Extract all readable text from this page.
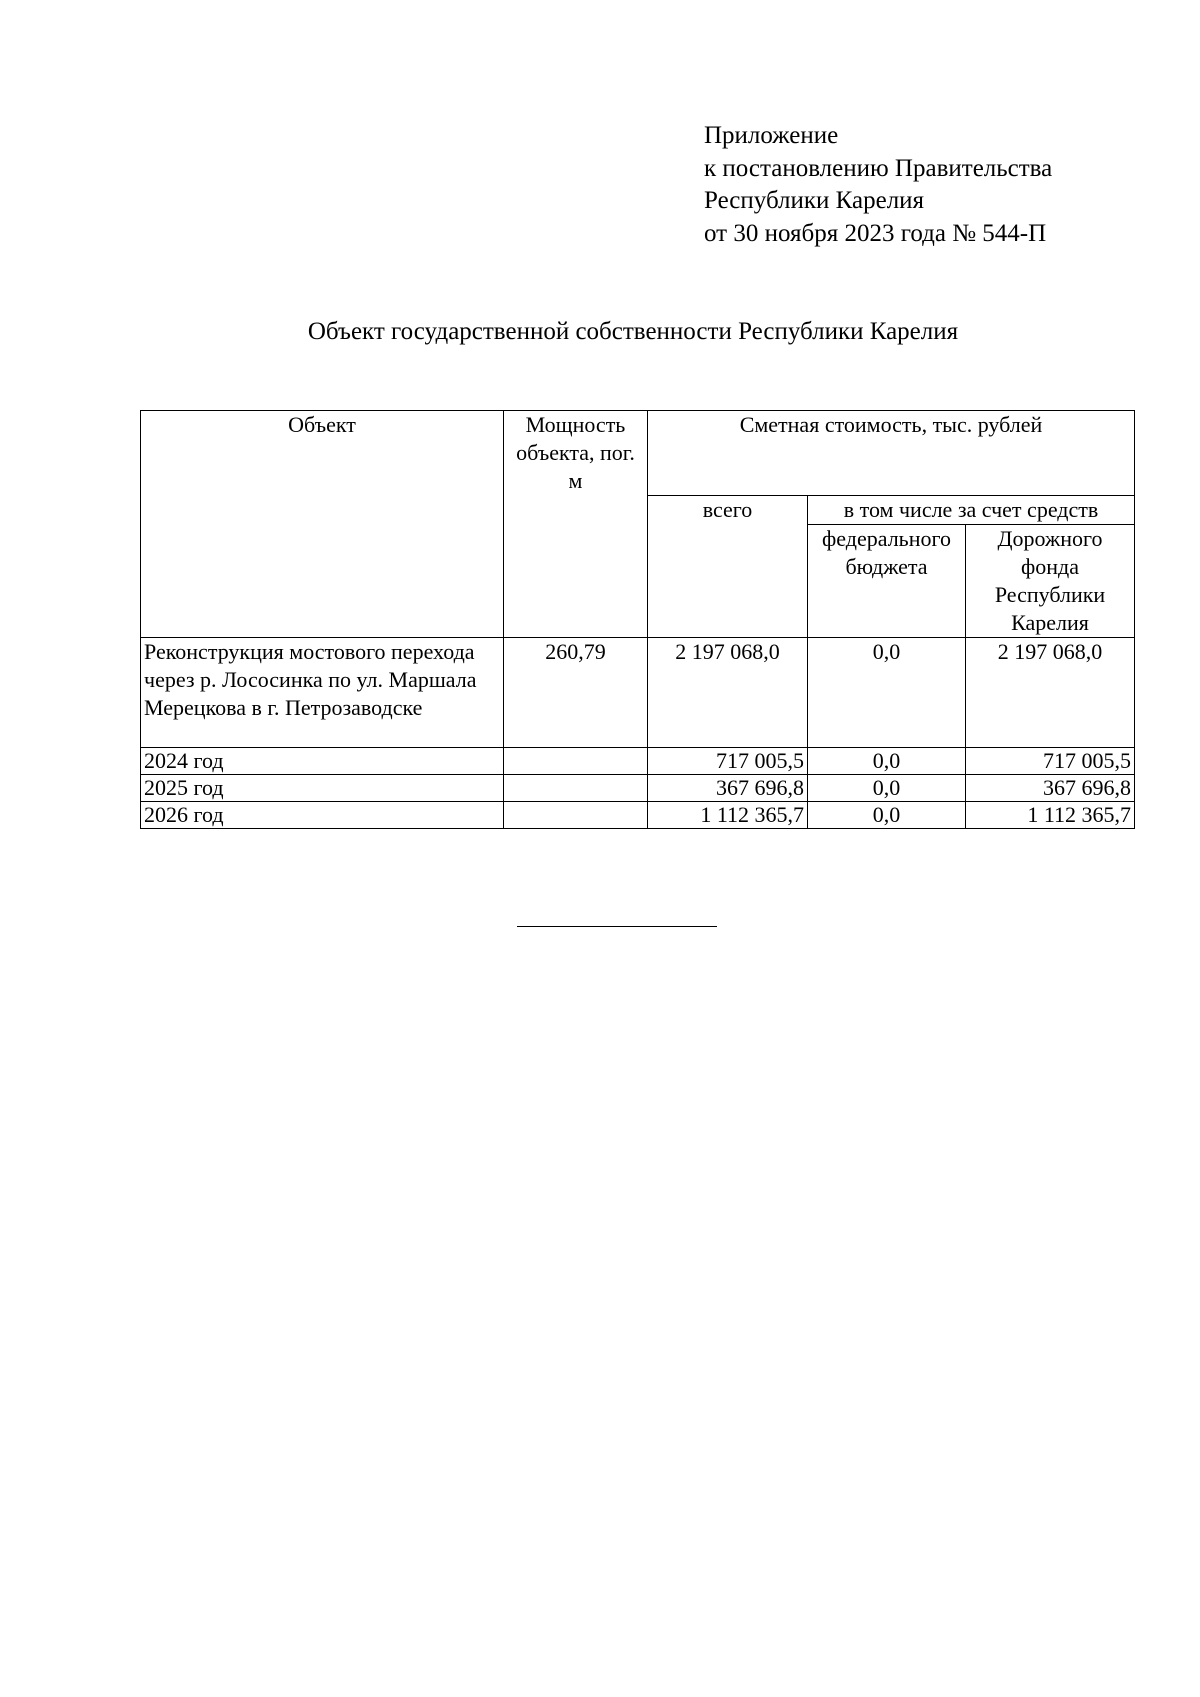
Приложение
к постановлению Правительства
Республики Карелия
от 30 ноября 2023 года № 544-П
Объект государственной собственности Республики Карелия
Объект	Мощность объекта, пог. м	Сметная стоимость, тыс. рублей		
		всего	в том числе за счет средств	
			федерального бюджета	Дорожного фонда Республики Карелия
Реконструкция мостового перехода через р. Лососинка по ул. Маршала Мерецкова в г. Петрозаводске	260,79	2 197 068,0	0,0	2 197 068,0
2024 год		717 005,5	0,0	717 005,5
2025 год		367 696,8	0,0	367 696,8
2026 год		1 112 365,7	0,0	1 112 365,7
